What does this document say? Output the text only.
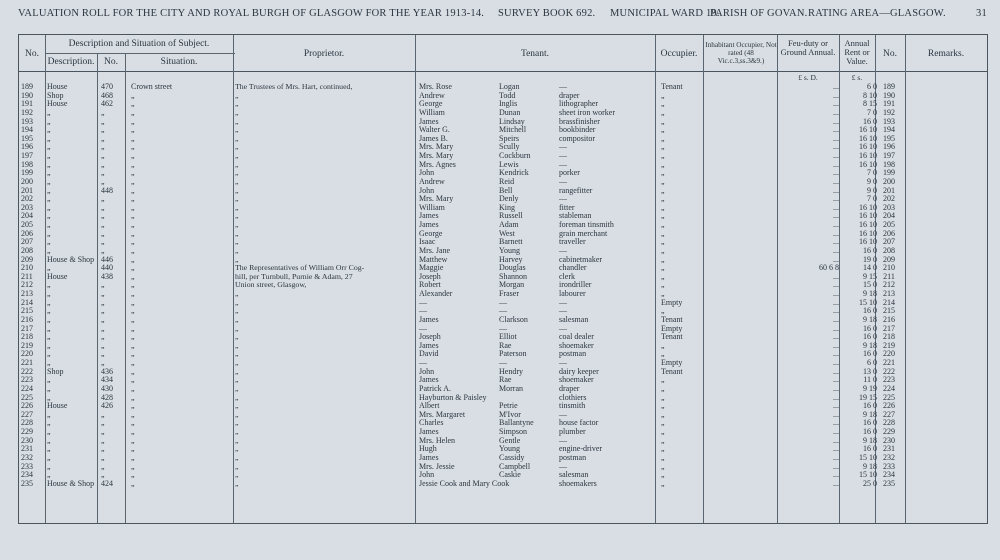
VALUATION ROLL FOR THE CITY AND ROYAL BURGH OF GLASGOW FOR THE YEAR 1913-14. SURVEY BOOK 692. MUNICIPAL WARD 19.
PARISH OF GOVAN. RATING AREA—GLASGOW.	31
No.
Description and Situation of Subject.
Description.	No.	Situation.
Proprietor.	Tenant.	Occupier.
Inhabitant Occupier, Not rated (48 Vic.c.3,ss.3&9.)
Feu-duty or Ground Annual.
Annual Rent or Value.
No.	Remarks.
£ s. D.	£ s.
189	House	470	Crown street	The Trustees of Mrs. Hart, continued,	Mrs. Rose	Logan	—	Tenant	...	6 0 189
190	Shop	468	„	„	Andrew	Todd	draper	„	...	8 10 190
191	House	462	„	„	George	Inglis	lithographer	„	...	8 15 191
192	„	„	„	„	William	Dunan	sheet iron worker	„	...	7 0 192
193	„	„	„	„	James	Lindsay	brassfinisher	„	...	16 0 193
194	„	„	„	„	Walter G.	Mitchell	bookbinder	„	...	16 10 194
195	„	„	„	„	James B.	Speirs	compositor	„	...	16 10 195
196	„	„	„	„	Mrs. Mary	Scully	—	„	...	16 10 196
197	„	„	„	„	Mrs. Mary	Cockburn	—	„	...	16 10 197
198	„	„	„	„	Mrs. Agnes	Lewis	—	„	...	16 10 198
199	„	„	„	„	John	Kendrick	porker	„	...	7 0 199
200	„	„	„	„	Andrew	Reid	—	„	...	9 0 200
201	„	448	„	„	John	Bell	rangefitter	„	...	9 0 201
202	„	„	„	„	Mrs. Mary	Denly	—	„	...	7 0 202
203	„	„	„	„	William	King	fitter	„	...	16 10 203
204	„	„	„	„	James	Russell	stableman	„	...	16 10 204
205	„	„	„	„	James	Adam	foreman tinsmith	„	...	16 10 205
206	„	„	„	„	George	West	grain merchant	„	...	16 10 206
207	„	„	„	„	Isaac	Barnett	traveller	„	...	16 10 207
208	„	„	„	„	Mrs. Jane	Young	—	„	...	16 0 208
209	House & Shop 446	„	„	Matthew	Harvey	cabinetmaker	„	...	19 0 209
210	„	440	„	The Representatives of William Orr Cog-	Maggie	Douglas	chandler	„	60 6 8	14 0 210
211	House	438	„	hill, per Turnbull, Purnie & Adam, 27	Joseph	Shannon	clerk	„	...	9 15 211
212	„	„	„	Union street, Glasgow,	Robert	Morgan	irondriller	„	...	15 0 212
213	„	„	„	„	Alexander	Fraser	labourer	„	...	9 18 213
214	„	„	„	„	—	—	—	Empty	...	15 10 214
215	„	„	„	„	—	—	—	„	...	16 0 215
216	„	„	„	„	James	Clarkson	salesman	Tenant	...	9 18 216
217	„	„	„	„	—	—	—	Empty	...	16 0 217
218	„	„	„	„	Joseph	Elliot	coal dealer	Tenant	...	16 0 218
219	„	„	„	„	James	Rae	shoemaker	„	...	9 18 219
220	„	„	„	„	David	Paterson	postman	„	...	16 0 220
221	„	„	„	„	—	—	—	Empty	...	6 0 221
222	Shop	436	„	„	John	Hendry	dairy keeper	Tenant	...	13 0 222
223	„	434	„	„	James	Rae	shoemaker	„	...	11 0 223
224	„	430	„	„	Patrick A.	Morran	draper	„	...	9 19 224
225	„	428	„	„	Hayburton & Paisley	clothiers	„	...	19 15 225
226	House	426	„	„	Albert	Petrie	tinsmith	„	...	16 0 226
227	„	„	„	„	Mrs. Margaret	M'Ivor	—	„	...	9 18 227
228	„	„	„	„	Charles	Ballantyne	house factor	„	...	16 0 228
229	„	„	„	„	James	Simpson	plumber	„	...	16 0 229
230	„	„	„	„	Mrs. Helen	Gentle	—	„	...	9 18 230
231	„	„	„	„	Hugh	Young	engine-driver	„	...	16 0 231
232	„	„	„	„	James	Cassidy	postman	„	...	15 10 232
233	„	„	„	„	Mrs. Jessie	Campbell	—	„	...	9 18 233
234	„	„	„	„	John	Caskie	salesman	„	...	15 10 234
235	House & Shop 424	„	„	Jessie Cook and Mary Cook	shoemakers	„	...	25 0 235
